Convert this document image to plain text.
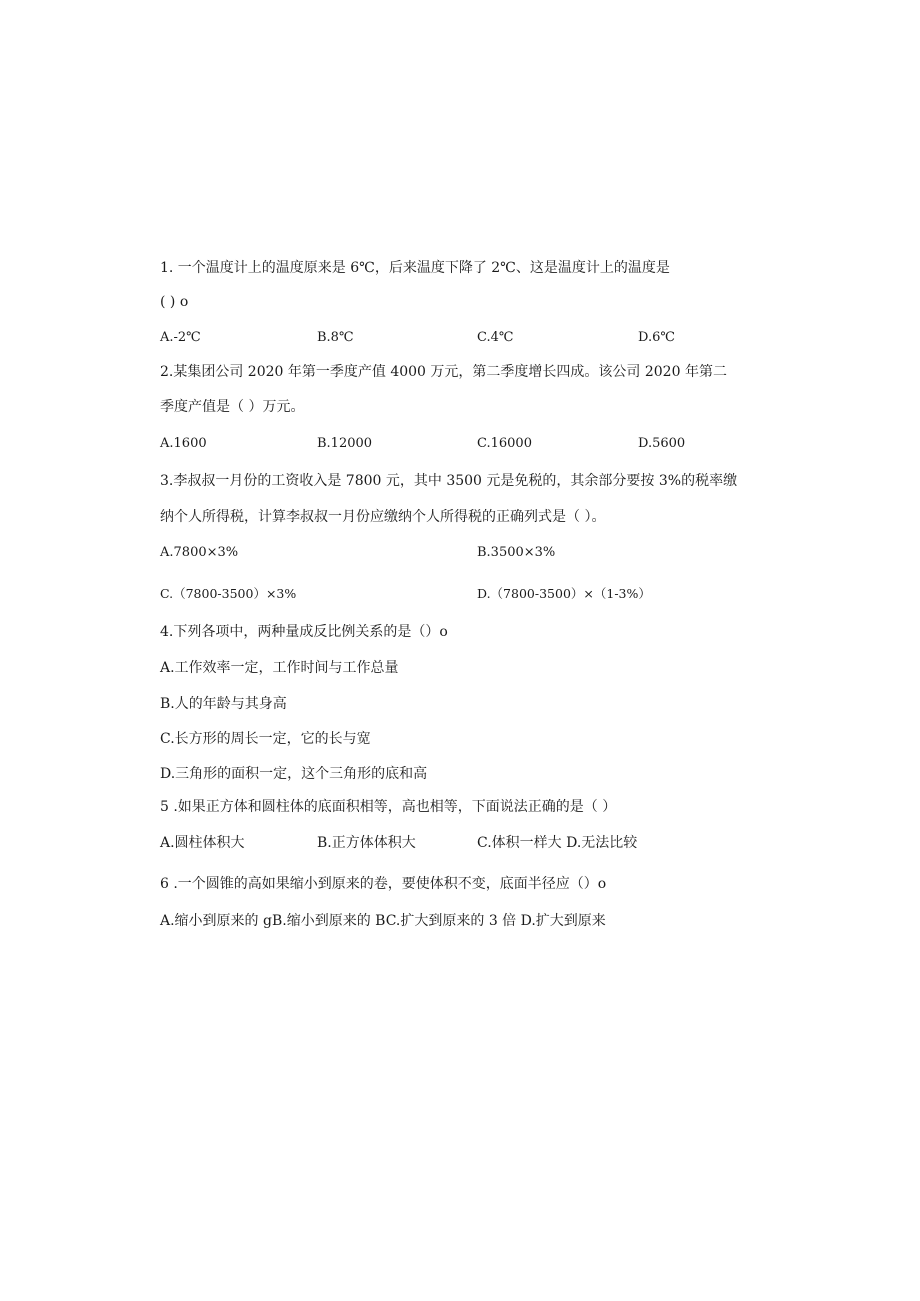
1. 一个温度计上的温度原来是 6℃，后来温度下降了 2℃、这是温度计上的温度是
( ) o
A.-2℃	B.8℃	C.4℃	D.6℃
2.某集团公司 2020 年第一季度产值 4000 万元，第二季度增长四成。该公司 2020 年第二
季度产值是（ ）万元。
A.1600	B.12000	C.16000	D.5600
3.李叔叔一月份的工资收入是 7800 元，其中 3500 元是免税的，其余部分要按 3%的税率缴
纳个人所得税，计算李叔叔一月份应缴纳个人所得税的正确列式是（ ）。
A.7800×3%	B.3500×3%
C.（7800-3500）×3%	D.（7800-3500）×（1-3%）
4.下列各项中，两种量成反比例关系的是（）o
A.工作效率一定，工作时间与工作总量
B.人的年龄与其身高
C.长方形的周长一定，它的长与宽
D.三角形的面积一定，这个三角形的底和高
5 .如果正方体和圆柱体的底面积相等，高也相等，下面说法正确的是（ ）
A.圆柱体积大	B.正方体体积大	C.体积一样大 D.无法比较
6 .一个圆锥的高如果缩小到原来的卷，要使体积不变，底面半径应（）o
A.缩小到原来的 gB.缩小到原来的 BC.扩大到原来的 3 倍 D.扩大到原来
